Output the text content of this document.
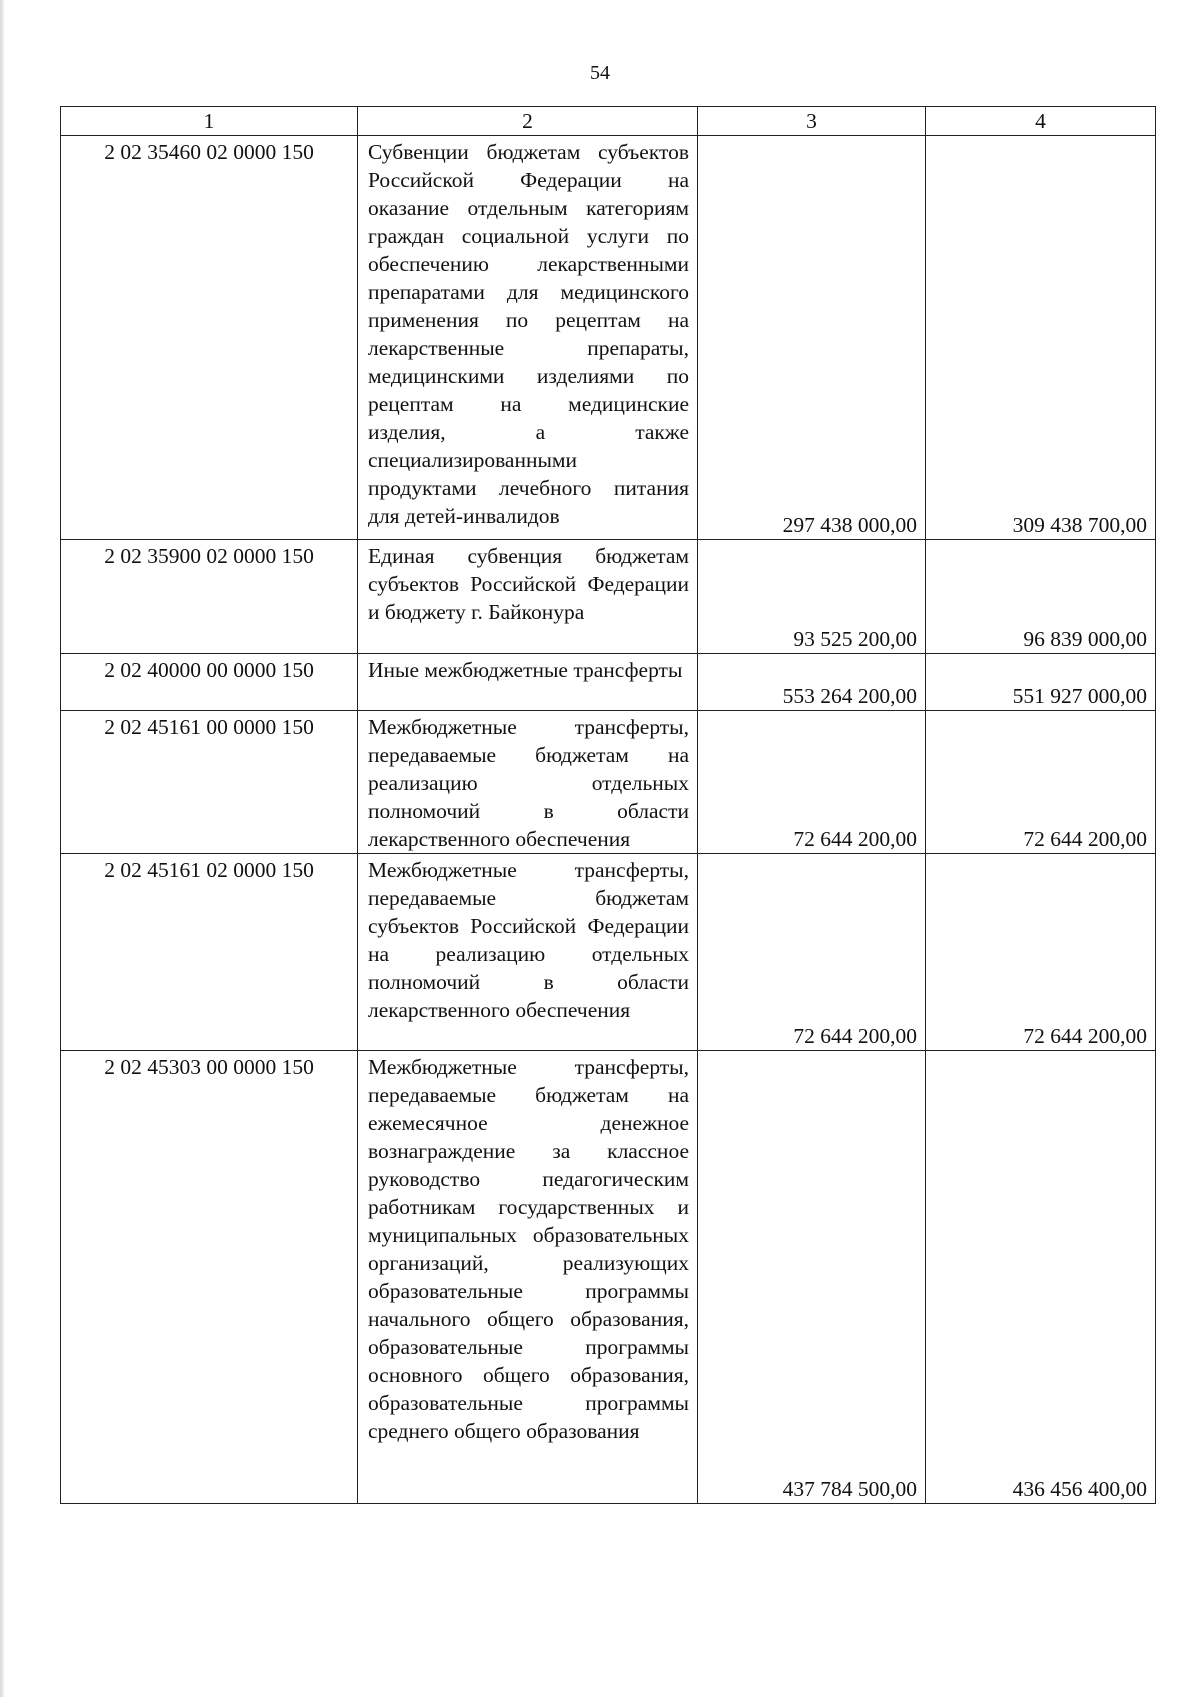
54
1	2	3	4
2 02 35460 02 0000 150	Субвенции бюджетам субъектов Российской Федерации на оказание отдельным категориям граждан социальной услуги по обеспечению лекарственными препаратами для медицинского применения по рецептам на лекарственные препараты, медицинскими изделиями по рецептам на медицинские изделия, а также специализированными продуктами лечебного питания для детей-инвалидов	297 438 000,00	309 438 700,00
2 02 35900 02 0000 150	Единая субвенция бюджетам субъектов Российской Федерации и бюджету г. Байконура	93 525 200,00	96 839 000,00
2 02 40000 00 0000 150	Иные межбюджетные трансферты	553 264 200,00	551 927 000,00
2 02 45161 00 0000 150	Межбюджетные трансферты, передаваемые бюджетам на реализацию отдельных полномочий в области лекарственного обеспечения	72 644 200,00	72 644 200,00
2 02 45161 02 0000 150	Межбюджетные трансферты, передаваемые бюджетам субъектов Российской Федерации на реализацию отдельных полномочий в области лекарственного обеспечения	72 644 200,00	72 644 200,00
2 02 45303 00 0000 150	Межбюджетные трансферты, передаваемые бюджетам на ежемесячное денежное вознаграждение за классное руководство педагогическим работникам государственных и муниципальных образовательных организаций, реализующих образовательные программы начального общего образования, образовательные программы основного общего образования, образовательные программы среднего общего образования	437 784 500,00	436 456 400,00
